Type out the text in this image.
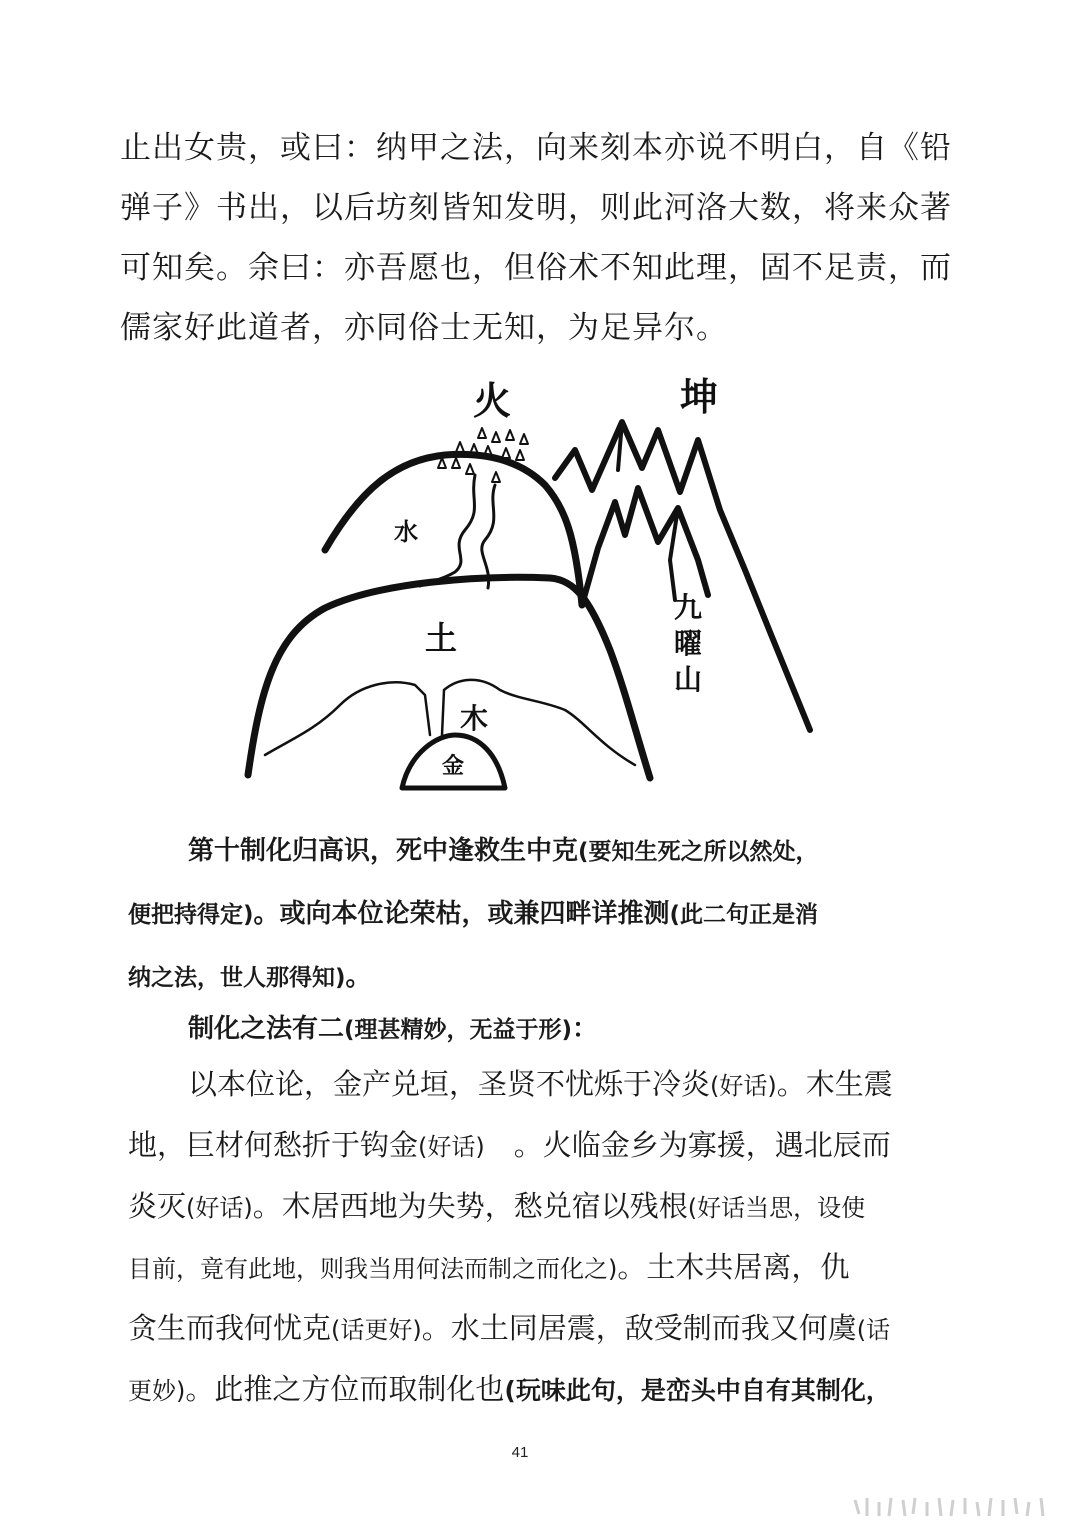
止出女贵，或曰：纳甲之法，向来刻本亦说不明白，自《铅

弹子》书出，以后坊刻皆知发明，则此河洛大数，将来众著

可知矣。余曰：亦吾愿也，但俗术不知此理，固不足责，而

儒家好此道者，亦同俗士无知，为足异尔。

火	坤
水
土
木
金
九
曜
山

第十制化归高识，死中逢救生中克(要知生死之所以然处，

便把持得定)。或向本位论荣枯，或兼四畔详推测(此二句正是消

纳之法，世人那得知)。

制化之法有二(理甚精妙，无益于形)：

以本位论，金产兑垣，圣贤不忧烁于冷炎(好话)。木生震

地，巨材何愁折于钩金(好话)　。火临金乡为寡援，遇北辰而

炎灭(好话)。木居西地为失势，愁兑宿以残根(好话当思，设使

目前，竟有此地，则我当用何法而制之而化之)。土木共居离，仇

贪生而我何忧克(话更好)。水土同居震，敌受制而我又何虞(话

更妙)。此推之方位而取制化也(玩味此句，是峦头中自有其制化，

41
